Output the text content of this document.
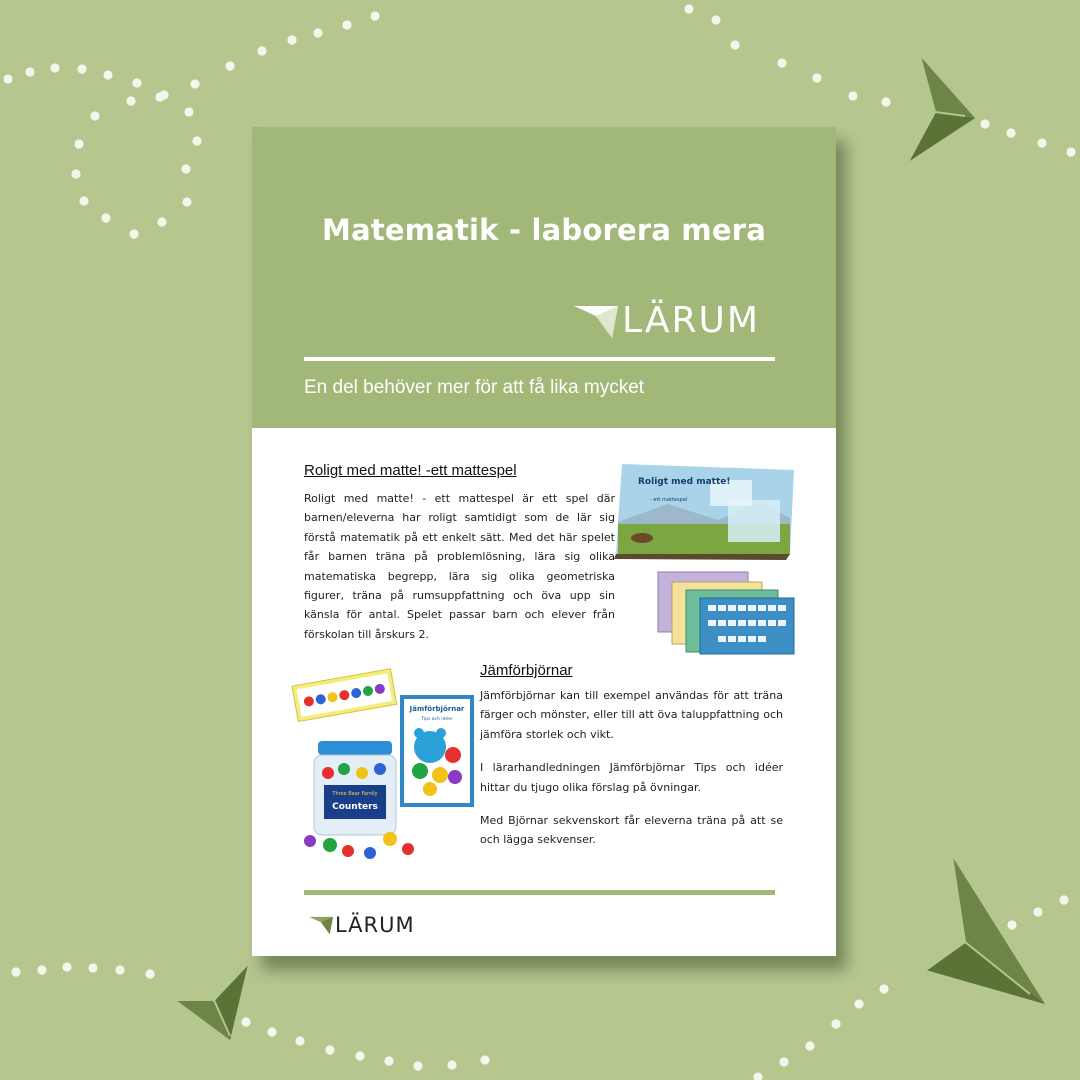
Matematik - laborera mera
LÄRUM
En del behöver mer för att få lika mycket
Roligt med matte! -ett mattespel

Roligt med matte! - ett mattespel är ett spel där barnen/eleverna har roligt samtidigt som de lär sig förstå matematik på ett enkelt sätt. Med det här spelet får barnen träna på problemlösning, lära sig olika matematiska begrepp, lära sig olika geometriska figurer, träna på rumsuppfattning och öva upp sin känsla för antal. Spelet passar barn och elever från förskolan till årskurs 2.

Roligt med matte!
- ett mattespel
Three Bear Family
Counters
Jämförbjörnar
Tips och idéer
Jämförbjörnar

Jämförbjörnar kan till exempel användas för att träna färger och mönster, eller till att öva taluppfattning och jämföra storlek och vikt.

I lärarhandledningen Jämförbjörnar Tips och idéer hittar du tjugo olika förslag på övningar.

Med Björnar sekvenskort får eleverna träna på att se och lägga sekvenser.

LÄRUM
